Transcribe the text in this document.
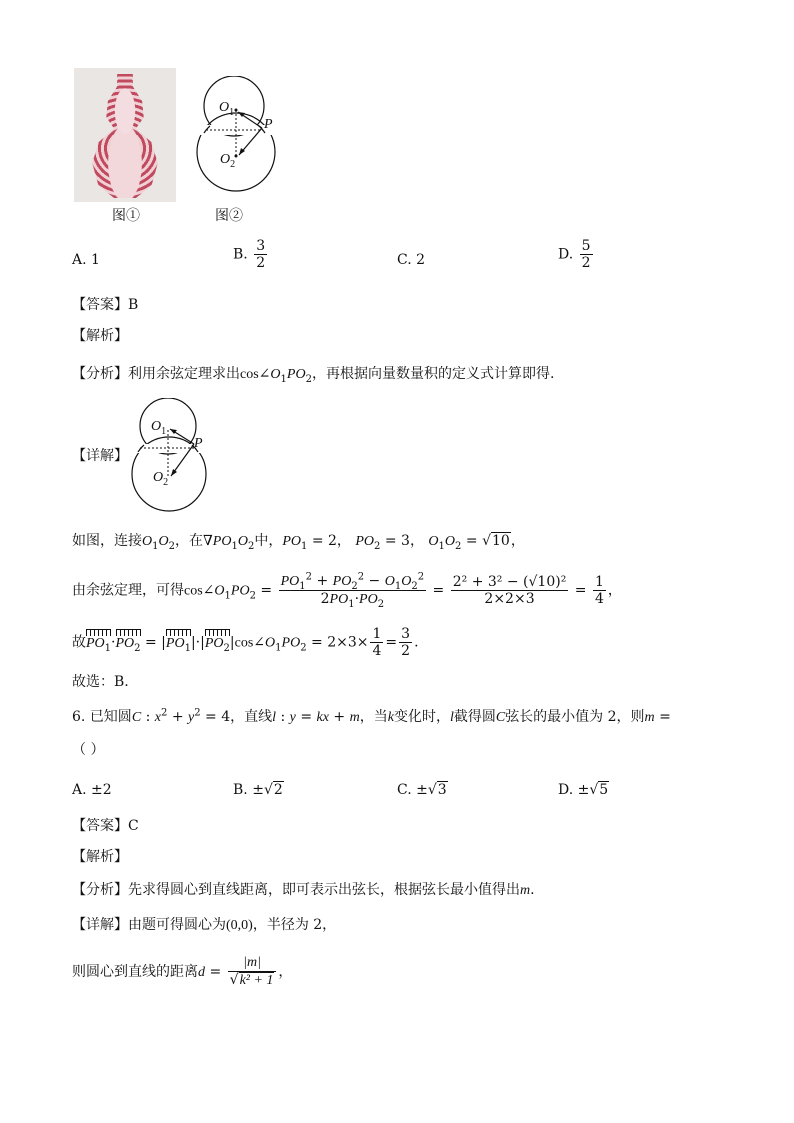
图①
$O_1$
P
$O_2$
图②
A. 1	B. $\frac{3}{2}$	C. 2	D. $\frac{5}{2}$
【答案】B
【解析】
【分析】利用余弦定理求出$\cos\angle O_1PO_2$，再根据向量数量积的定义式计算即得.
【详解】
$O_1$
P
$O_2$
如图，连接$O_1O_2$，在$\nabla PO_1O_2$中，$PO_1 = 2$， $PO_2 = 3$， $O_1O_2 = √10$，
由余弦定理，可得$\cos\angle O_1PO_2 = \frac{PO_1^2 + PO_2^2 - O_1O_2^2}{2PO_1\cdot PO_2} = \frac{\text{2² + 3² − (√10)²}}{2\times 2\times 3} = \frac{1}{4}$ ，
故$PO_1\cdot PO_2$ = $|PO_1|\cdot|PO_2|\cos\angle O_1PO_2 = 2\times 3\times \frac{1}{4} = \frac{3}{2}$ .
故选：B.
6. 已知圆C : $x^2 + y^2 = 4$，直线l : y = kx + m，当k变化时，l截得圆C弦长的最小值为 2，则m =
（ ）
A. ±2	B. ±√2	C. ±√3	D. ±√5
【答案】C
【解析】
【分析】先求得圆心到直线距离，即可表示出弦长，根据弦长最小值得出m.
【详解】由题可得圆心为(0,0)，半径为 2，
则圆心到直线的距离$d = \frac{|m|}{\text{√k² + 1}}$ ，
